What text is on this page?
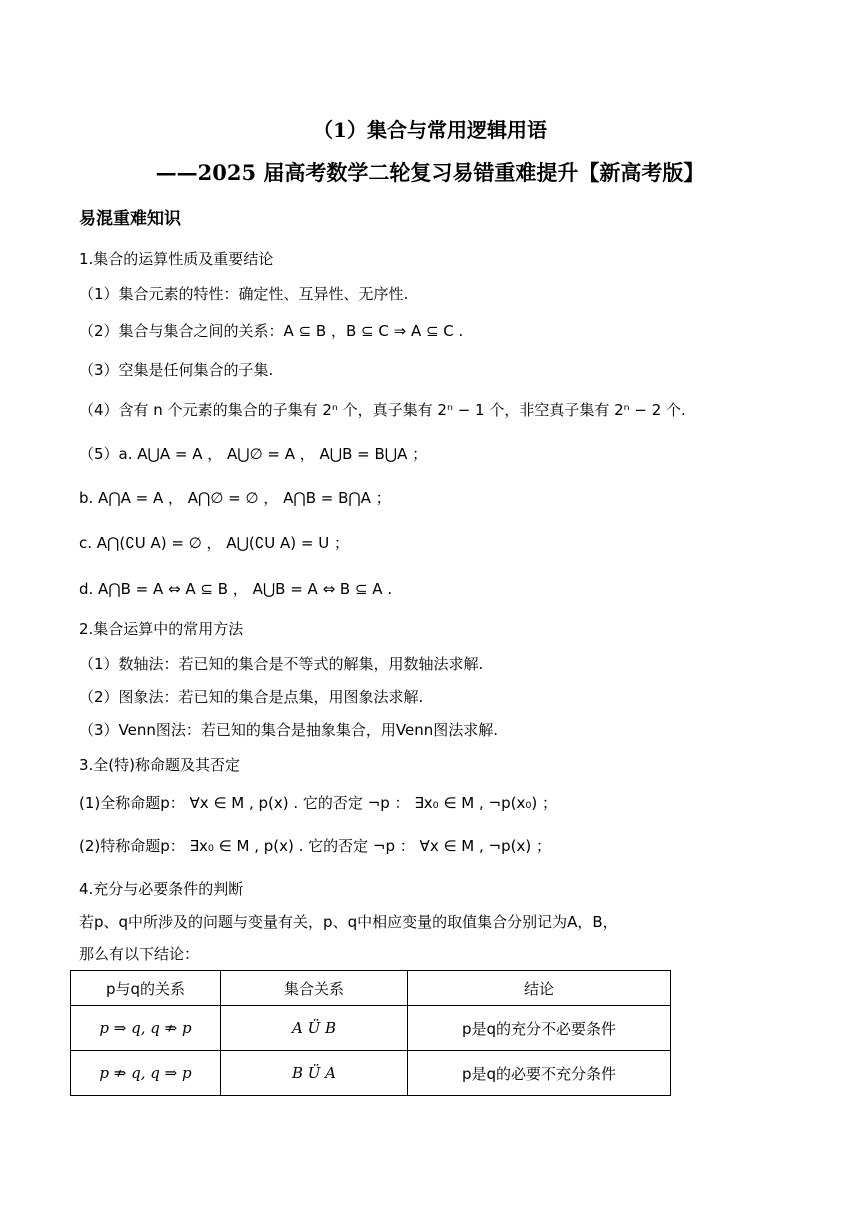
（1）集合与常用逻辑用语
——2025 届高考数学二轮复习易错重难提升【新高考版】
易混重难知识
1.集合的运算性质及重要结论
（1）集合元素的特性：确定性、互异性、无序性.
（2）集合与集合之间的关系：A ⊆ B ，B ⊆ C ⇒ A ⊆ C .
（3）空集是任何集合的子集.
（4）含有 n 个元素的集合的子集有 2ⁿ 个，真子集有 2ⁿ − 1 个，非空真子集有 2ⁿ − 2 个.
（5）a. A⋃A = A ， A⋃∅ = A ， A⋃B = B⋃A ；
b. A⋂A = A ， A⋂∅ = ∅ ， A⋂B = B⋂A ；
c. A⋂(∁U A) = ∅ ， A⋃(∁U A) = U ；
d. A⋂B = A ⇔ A ⊆ B ， A⋃B = A ⇔ B ⊆ A .
2.集合运算中的常用方法
（1）数轴法：若已知的集合是不等式的解集，用数轴法求解.
（2）图象法：若已知的集合是点集，用图象法求解.
（3）Venn图法：若已知的集合是抽象集合，用Venn图法求解.
3.全(特)称命题及其否定
(1)全称命题p： ∀x ∈ M , p(x) . 它的否定 ¬p ： ∃x₀ ∈ M , ¬p(x₀) ；
(2)特称命题p： ∃x₀ ∈ M , p(x) . 它的否定 ¬p ： ∀x ∈ M , ¬p(x) ；
4.充分与必要条件的判断
若p、q中所涉及的问题与变量有关，p、q中相应变量的取值集合分别记为A，B，
那么有以下结论：
p与q的关系	集合关系	结论
p ⇒ q, q ⇏ p	A Ü B	p是q的充分不必要条件
p ⇏ q, q ⇒ p	B Ü A	p是q的必要不充分条件
